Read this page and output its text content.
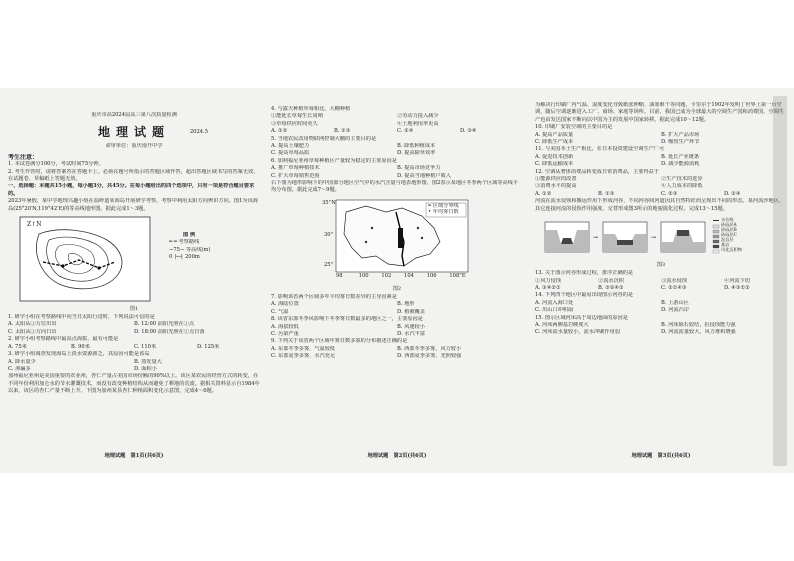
重庆市高2024届高三第八次质量检测

地理试题	2024.5

命审单位：重庆南开中学

考生注意：

1. 本试卷满分100分，考试时间75分钟。

2. 考生作答时，请将答案答在答题卡上。必须在题号所指示的答题区域作答，超出答题区域书写的答案无效，在试题卷、草稿纸上答题无效。

一、选择题：本题共15小题，每小题3分，共45分。在每小题给出的四个选项中，只有一项是符合题目要求的。

2023年暑假，某中学地理兴趣小组在温岭道某海岛开展研学考察，考察中利用太阳方向辨识方向。图1为该海岛(25°20′N,119°42′E)的等高线地形图。据此完成1～3题。

Z↑N

图 例

━ ━ 考察路线

∼75∼ 等高线(m)

0 ├─┤ 200m

图1

1. 研学小组在考察路线中向当日太阳行进时，下列说法可信的是

A. 太阳从①方位出出	B. 12:00 前阳光照在①点
C. 太阳从①方向日出	D. 18:00 前阳光照在②点日落

2. 研学小组考察路线中最高点海拔，最有可能是

A. 75米	B. 90米	C. 110米	D. 125米

3. 研学小组调查发现海岛上淡水资源匮乏，其原因可能是该岛

A. 降水量少	B. 蒸发量大
C. 渗漏多	D. 面积小

加州福尼亚州是美国重要的农业州，杏仁产量占美国市场份额的90%以上。该区某农民的经营方式的转变，在不同年份利用加仑水的节水灌溉技术，而没有改变种植结构从而避免了耕地的荒废。据相关资料显示自1984年以来，该区的杏仁产量不断上升。下图为加州某县杏仁种植面积变化示意图，完成4～6题。

地理试题　第1页(共6页)

4. 与露天种植草莓相比，大棚种植

①能延长草莓生长周期	②劳动力投入减少
③草莓供应时间更久	④土地利用率更高
A. ①②	B. ①③	C. ②④	D. ③④

5. 当地农民改用物联网控制大棚的主要目的是

A. 提高土壤肥力	B. 降低种植成本
C. 提高草莓品质	D. 提高除草效率

6. 加利福尼亚州草莓种植区产量较为稳定的主要原因是

A. 推广草莓种植技术	B. 提高市场竞争力
C. 扩大草莓销售范围	D. 提高当地种植户收入

右下图为地形影响下的中国部分地区空气中的水汽含量与地表地形图，图2表示某地区冬季两个区域等高线平均分布图。据此完成7～9题。

━ 区域分界线
• 年均雾日数
35°N
30°
25°
98	100	102	104	106	108°E

图2

7. 影响该省两个区域多年平均雾日数差异的主导因素是

A. 海陆位置	B. 地形
C. 气温	D. 植被覆盖

8. 该省东部冬季风影响下冬季雾日数最多的地区之一，主要原因是

A. 海拔较低	B. 风速较小
C. 污染严重	D. 水汽丰富

9. 下列关于该省两个区域年雾日数多寡的分布描述正确的是

A. 东部冬季多雾，气温较低	B. 西部冬季多雾，风力较小
C. 东部夏季多雾，水汽充足	D. 西部夏季多雾，光照较强

地理试题　第2页(共6页)

为解决行印刷厂内气温、湿度变化导致纸张伸缩、油墨难干等问题，卡里尔于1902年发明了世界上第一台空调，随后空调逐渐进入工厂、商场、家庭等场所。目前，我国已成为全球最大的空调生产国和消费国，空调生产也由发达国家不断向以中国为主的发展中国家转移。据此完成10～12题。

10. 印刷厂安装空调的主要目的是

A. 提高产品质量	B. 扩大产品市场
C. 降低生产成本	D. 缩短生产环节

11. 与美国本土生产相比，在日本投资建设空调生产厂可

A. 促进技术创新	B. 延长产业链条
C. 降低运输成本	D. 减少能源消耗

12. 空调从奢侈消费品转变成日常消费品，主要得益于

①能源供应的改善	②生产技术的进步
③消费水平的提高	④人力成本的降低
A. ①②	B. ①③	C. ②③	D. ②④

河流在流水侵蚀和搬运作用下形成河谷，不同河谷间河道因其自然特征而呈现出不同的形态。某河流沙地区，其它连接河流的侵蚀作用强度，交替形成图3所示的地貌演化过程，完成13～15题。

→	→
水位线
砂砾层A
砂砾层B
砂砾层C
泥岩层
基岩
风化沉积物

图3

13. 关于图示河谷形成过程，排序正确的是

①风力侵蚀	②流水沉积	③流水侵蚀	④河流下切
A. ③④②①	B. ③②④①	C. ②①④③	D. ④③①②

14. 下列四个地区中最易出现图示河谷的是

A. 河流入海口处	B. 上游山区
C. 出山口冲积扇	D. 河流凸岸

15. 图示区域河床高于周边地面的原因是

A. 河床两侧基岩硬度大	B. 河床砾石胶结，抗侵蚀能力强
C. 河床流水量较小，流水冲刷作用弱	D. 河流流量较大，风力堆积增强

地理试题　第3页(共6页)
